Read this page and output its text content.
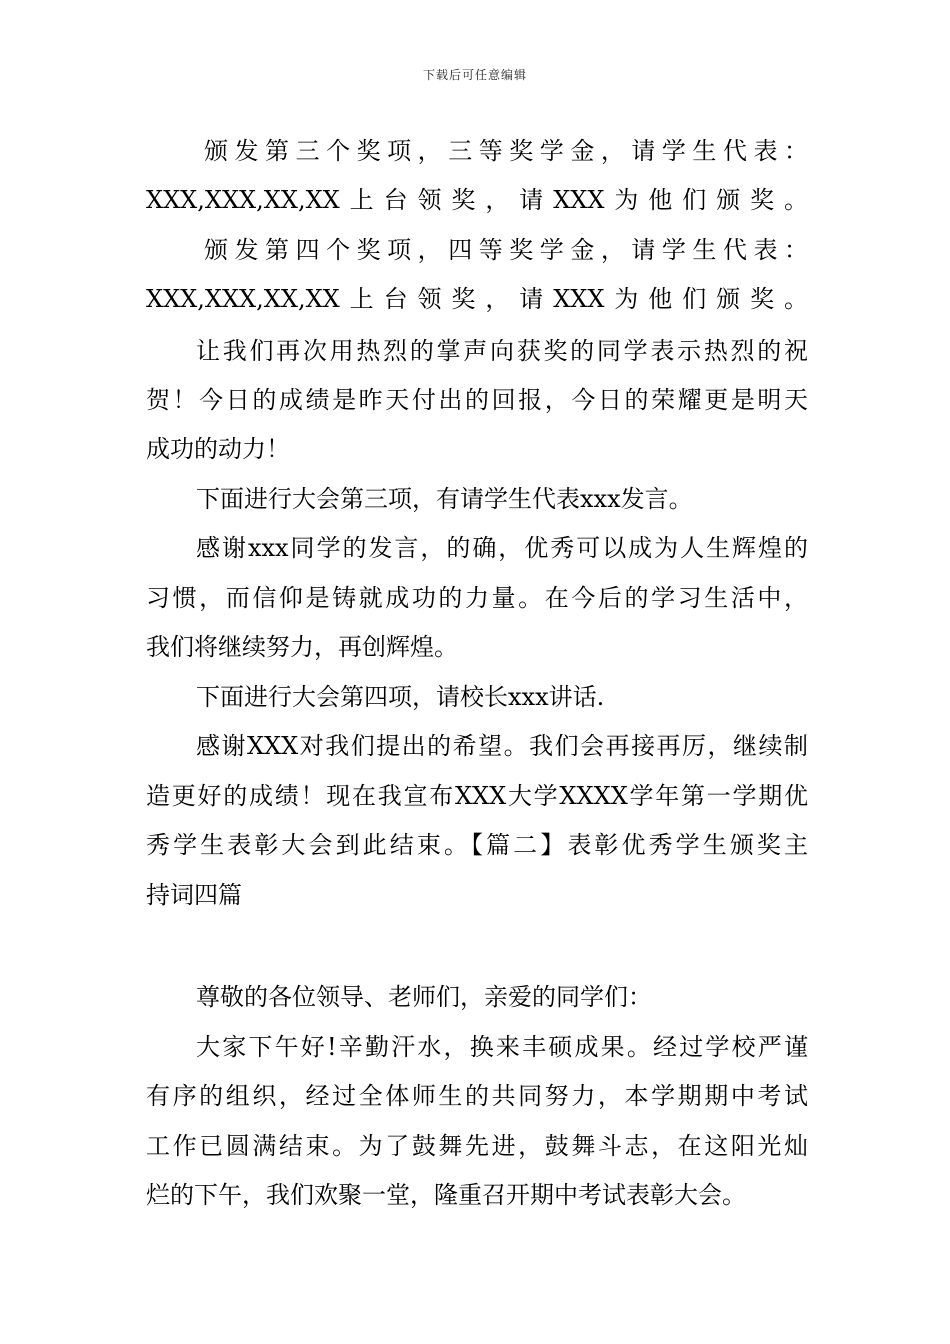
下载后可任意编辑
颁发第三个奖项，三等奖学金，请学生代表：
XXX,XXX,XX,XX上台领奖，请XXX为他们颁奖。
颁发第四个奖项，四等奖学金，请学生代表：
XXX,XXX,XX,XX上台领奖，请XXX为他们颁奖。
让我们再次用热烈的掌声向获奖的同学表示热烈的祝
贺！今日的成绩是昨天付出的回报，今日的荣耀更是明天
成功的动力！
下面进行大会第三项，有请学生代表xxx发言。
感谢xxx同学的发言，的确，优秀可以成为人生辉煌的
习惯，而信仰是铸就成功的力量。在今后的学习生活中，
我们将继续努力，再创辉煌。
下面进行大会第四项，请校长xxx讲话.
感谢XXX对我们提出的希望。我们会再接再厉，继续制
造更好的成绩！现在我宣布XXX大学XXXX学年第一学期优
秀学生表彰大会到此结束。【篇二】表彰优秀学生颁奖主
持词四篇
尊敬的各位领导、老师们，亲爱的同学们：
大家下午好!辛勤汗水，换来丰硕成果。经过学校严谨
有序的组织，经过全体师生的共同努力，本学期期中考试
工作已圆满结束。为了鼓舞先进，鼓舞斗志，在这阳光灿
烂的下午，我们欢聚一堂，隆重召开期中考试表彰大会。
